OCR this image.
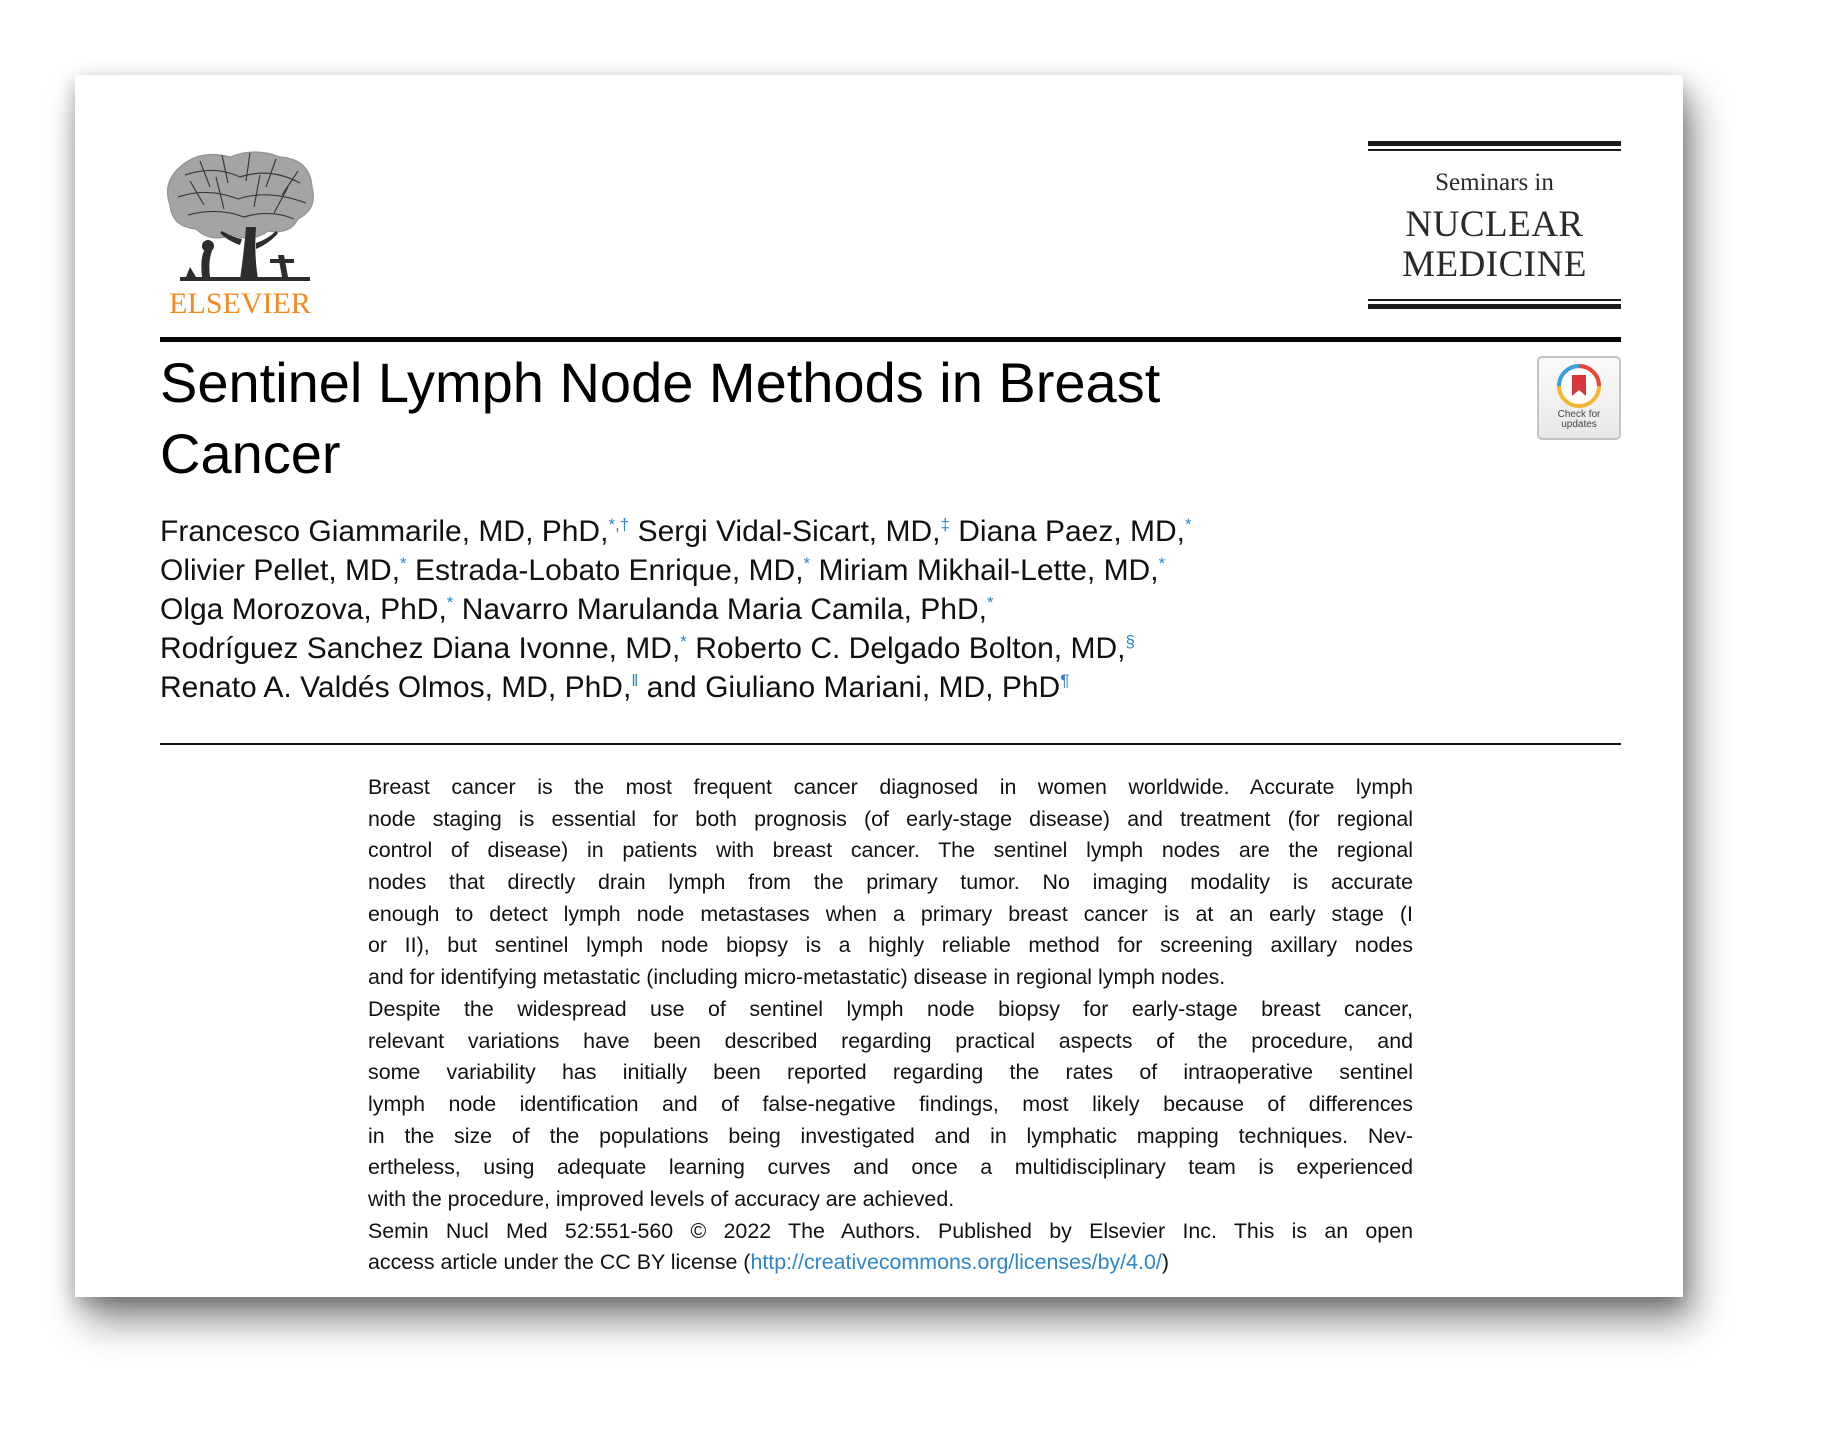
ELSEVIER
Seminars in
NUCLEAR
MEDICINE
Sentinel Lymph Node Methods in Breast
Cancer
Check for
updates
Francesco Giammarile, MD, PhD,*,† Sergi Vidal-Sicart, MD,‡ Diana Paez, MD,*
Olivier Pellet, MD,* Estrada-Lobato Enrique, MD,* Miriam Mikhail-Lette, MD,*
Olga Morozova, PhD,* Navarro Marulanda Maria Camila, PhD,*
Rodríguez Sanchez Diana Ivonne, MD,* Roberto C. Delgado Bolton, MD,§
Renato A. Valdés Olmos, MD, PhD,‖ and Giuliano Mariani, MD, PhD¶
Breast cancer is the most frequent cancer diagnosed in women worldwide. Accurate lymph
node staging is essential for both prognosis (of early-stage disease) and treatment (for regional
control of disease) in patients with breast cancer. The sentinel lymph nodes are the regional
nodes that directly drain lymph from the primary tumor. No imaging modality is accurate
enough to detect lymph node metastases when a primary breast cancer is at an early stage (I
or II), but sentinel lymph node biopsy is a highly reliable method for screening axillary nodes
and for identifying metastatic (including micro-metastatic) disease in regional lymph nodes.
Despite the widespread use of sentinel lymph node biopsy for early-stage breast cancer,
relevant variations have been described regarding practical aspects of the procedure, and
some variability has initially been reported regarding the rates of intraoperative sentinel
lymph node identification and of false-negative findings, most likely because of differences
in the size of the populations being investigated and in lymphatic mapping techniques. Nev-
ertheless, using adequate learning curves and once a multidisciplinary team is experienced
with the procedure, improved levels of accuracy are achieved.
Semin Nucl Med 52:551-560 © 2022 The Authors. Published by Elsevier Inc. This is an open
access article under the CC BY license (http://creativecommons.org/licenses/by/4.0/)
